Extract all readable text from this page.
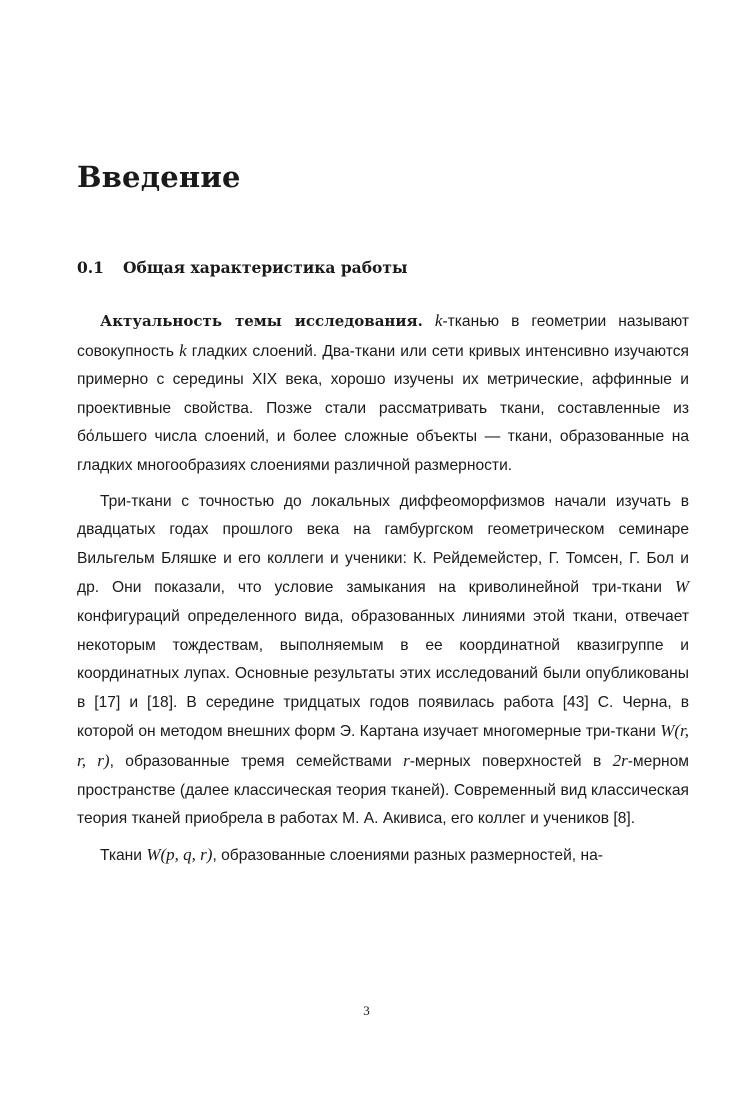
Введение
0.1 Общая характеристика работы

Актуальность темы исследования. k-тканью в геометрии называют совокупность k гладких слоений. Два-ткани или сети кривых интенсивно изучаются примерно с середины XIX века, хорошо изучены их метрические, аффинные и проективные свойства. Позже стали рассматривать ткани, составленные из бо́льшего числа слоений, и более сложные объекты — ткани, образованные на гладких многообразиях слоениями различной размерности.

Три-ткани с точностью до локальных диффеоморфизмов начали изучать в двадцатых годах прошлого века на гамбургском геометрическом семинаре Вильгельм Бляшке и его коллеги и ученики: К. Рейдемейстер, Г. Томсен, Г. Бол и др. Они показали, что условие замыкания на криволинейной три-ткани W конфигураций определенного вида, образованных линиями этой ткани, отвечает некоторым тождествам, выполняемым в ее координатной квазигруппе и координатных лупах. Основные результаты этих исследований были опубликованы в [17] и [18]. В середине тридцатых годов появилась работа [43] С. Черна, в которой он методом внешних форм Э. Картана изучает многомерные три-ткани W(r, r, r), образованные тремя семействами r-мерных поверхностей в 2r-мерном пространстве (далее классическая теория тканей). Современный вид классическая теория тканей приобрела в работах М. А. Акивиса, его коллег и учеников [8].

Ткани W(p, q, r), образованные слоениями разных размерностей, на-

3
